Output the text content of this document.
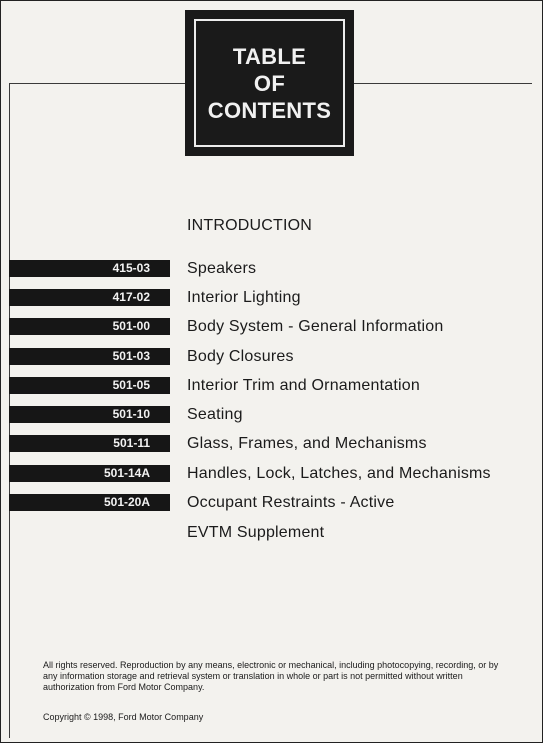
TABLE
OF
CONTENTS
INTRODUCTION
415-03 Speakers
417-02 Interior Lighting
501-00 Body System - General Information
501-03 Body Closures
501-05 Interior Trim and Ornamentation
501-10 Seating
501-11 Glass, Frames, and Mechanisms
501-14A Handles, Lock, Latches, and Mechanisms
501-20A Occupant Restraints - Active
EVTM Supplement
All rights reserved. Reproduction by any means, electronic or mechanical, including photocopying, recording, or by any information storage and retrieval system or translation in whole or part is not permitted without written authorization from Ford Motor Company.
Copyright © 1998, Ford Motor Company
